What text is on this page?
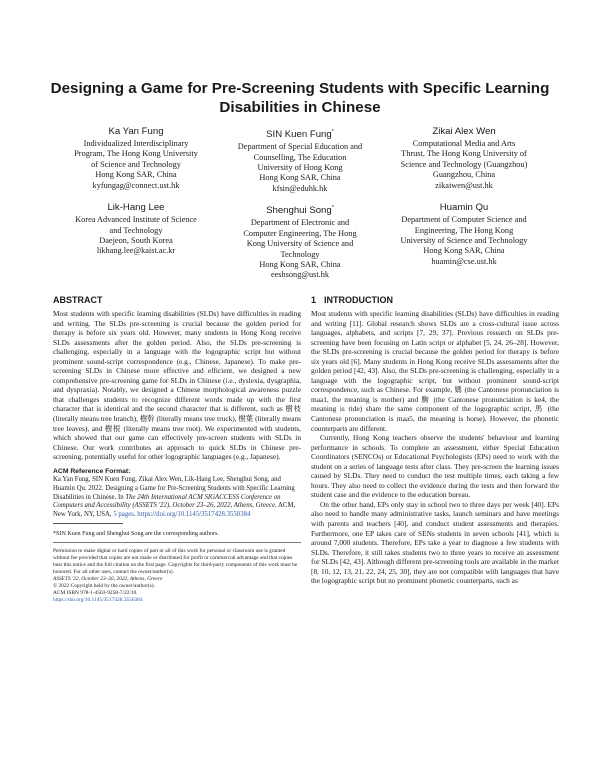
Designing a Game for Pre-Screening Students with Specific Learning Disabilities in Chinese
Ka Yan Fung
Individualized Interdisciplinary
Program, The Hong Kong University
of Science and Technology
Hong Kong SAR, China
kyfungag@connect.ust.hk
SIN Kuen Fung*
Department of Special Education and
Counselling, The Education
University of Hong Kong
Hong Kong SAR, China
kfsin@eduhk.hk
Zikai Alex Wen
Computational Media and Arts
Thrust, The Hong Kong University of
Science and Technology (Guangzhou)
Guangzhou, China
zikaiwen@ust.hk
Lik-Hang Lee
Korea Advanced Institute of Science
and Technology
Daejeon, South Korea
likhang.lee@kaist.ac.kr
Shenghui Song*
Department of Electronic and
Computer Engineering, The Hong
Kong University of Science and
Technology
Hong Kong SAR, China
eeshsong@ust.hk
Huamin Qu
Department of Computer Science and
Engineering, The Hong Kong
University of Science and Technology
Hong Kong SAR, China
huamin@cse.ust.hk
ABSTRACT

Most students with specific learning disabilities (SLDs) have difficulties in reading and writing. The SLDs pre-screening is crucial because the golden period for therapy is before six years old. However, many students in Hong Kong receive SLDs assessments after the golden period. Also, the SLDs pre-screening is challenging, especially in a language with the logographic script but without prominent sound-script correspondence (e.g., Chinese, Japanese). To make pre-screening SLDs in Chinese more effective and efficient, we designed a new comprehensive pre-screening game for SLDs in Chinese (i.e., dyslexia, dysgraphia, and dyspraxia). Notably, we designed a Chinese morphological awareness puzzle that challenges students to recognize different words made up with the first character that is identical and the second character that is different, such as 樹枝 (literally means tree branch), 樹幹 (literally means tree truck), 樹葉 (literally means tree leaves), and 樹根 (literally means tree root). We experimented with students, which showed that our game can effectively pre-screen students with SLDs in Chinese. Our work contributes an approach to quick SLDs in Chinese pre-screening, potentially useful for other logographic languages (e.g., Japanese).

ACM Reference Format:
Ka Yan Fung, SIN Kuen Fung, Zikai Alex Wen, Lik-Hang Lee, Shenghui Song, and Huamin Qu. 2022. Designing a Game for Pre-Screening Students with Specific Learning Disabilities in Chinese. In The 24th International ACM SIGACCESS Conference on Computers and Accessibility (ASSETS '22), October 23–26, 2022, Athens, Greece. ACM, New York, NY, USA, 5 pages. https://doi.org/10.1145/3517428.3550384
*SIN Kuen Fung and Shenghui Song are the corresponding authors.
Permission to make digital or hard copies of part or all of this work for personal or classroom use is granted without fee provided that copies are not made or distributed for profit or commercial advantage and that copies bear this notice and the full citation on the first page. Copyrights for third-party components of this work must be honored. For all other uses, contact the owner/author(s).
ASSETS '22, October 23–26, 2022, Athens, Greece
© 2022 Copyright held by the owner/author(s).
ACM ISBN 978-1-4503-9258-7/22/10.
https://doi.org/10.1145/3517428.3550384
1 INTRODUCTION

Most students with specific learning disabilities (SLDs) have difficulties in reading and writing [11]. Global research shows SLDs are a cross-cultural issue across languages, alphabets, and scripts [7, 29, 37]. Previous research on SLDs pre-screening have been focusing on Latin script or alphabet [5, 24, 26–28]. However, the SLDs pre-screening is crucial because the golden period for therapy is before six years old [6]. Many students in Hong Kong receive SLDs assessments after the golden period [42, 43]. Also, the SLDs pre-screening is challenging, especially in a language with the logographic script, but without prominent sound-script correspondence, such as Chinese. For example, 媽 (the Cantonese pronunciation is maa1, the meaning is mother) and 駒 (the Cantonese pronunciation is ke4, the meaning is ride) share the same component of the logographic script, 馬 (the Cantonese pronunciation is maa5, the meaning is horse). However, the phonetic counterparts are different.

Currently, Hong Kong teachers observe the students' behaviour and learning performance in schools. To complete an assessment, either Special Education Coordinators (SENCOs) or Educational Psychologists (EPs) need to work with the student on a series of language tests after class. They pre-screen the learning issues caused by SLDs. They need to conduct the test multiple times, each taking a few hours. They also need to collect the evidence during the tests and then forward the student case and the evidence to the education bureau.

On the other hand, EPs only stay in school two to three days per week [40]. EPs also need to handle many administrative tasks, launch seminars and have meetings with parents and teachers [40], and conduct student assessments and therapies. Furthermore, one EP takes care of SENs students in seven schools [41], which is around 7,000 students. Therefore, EPs take a year to diagnose a few students with SLDs. Therefore, it still takes students two to three years to receive an assessment for SLDs [42, 43]. Although different pre-screening tools are available in the market [8, 10, 12, 13, 21, 22, 24, 25, 30], they are not compatible with languages that have the logographic script but no prominent phonetic counterparts, such as
